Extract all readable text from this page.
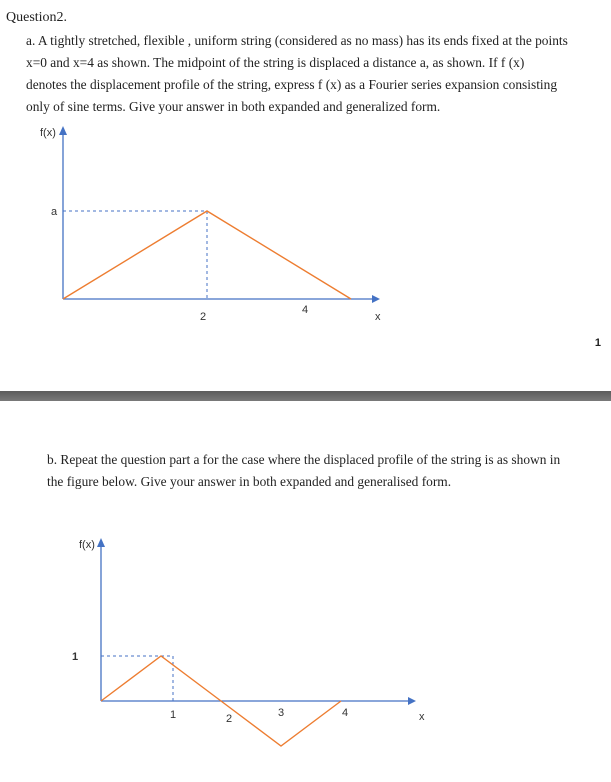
Question2.

a. A tightly stretched, flexible , uniform string (considered as no mass) has its ends fixed at the points

x=0 and x=4 as shown. The midpoint of the string is displaced a distance a, as shown. If f (x)

denotes the displacement profile of the string, express f (x) as a Fourier series expansion consisting

only of sine terms. Give your answer in both expanded and generalized form.

f(x)
a
2
4
x
1

b. Repeat the question part a for the case where the displaced profile of the string is as shown in

the figure below. Give your answer in both expanded and generalised form.

f(x)
1
1	2	3	4	x
